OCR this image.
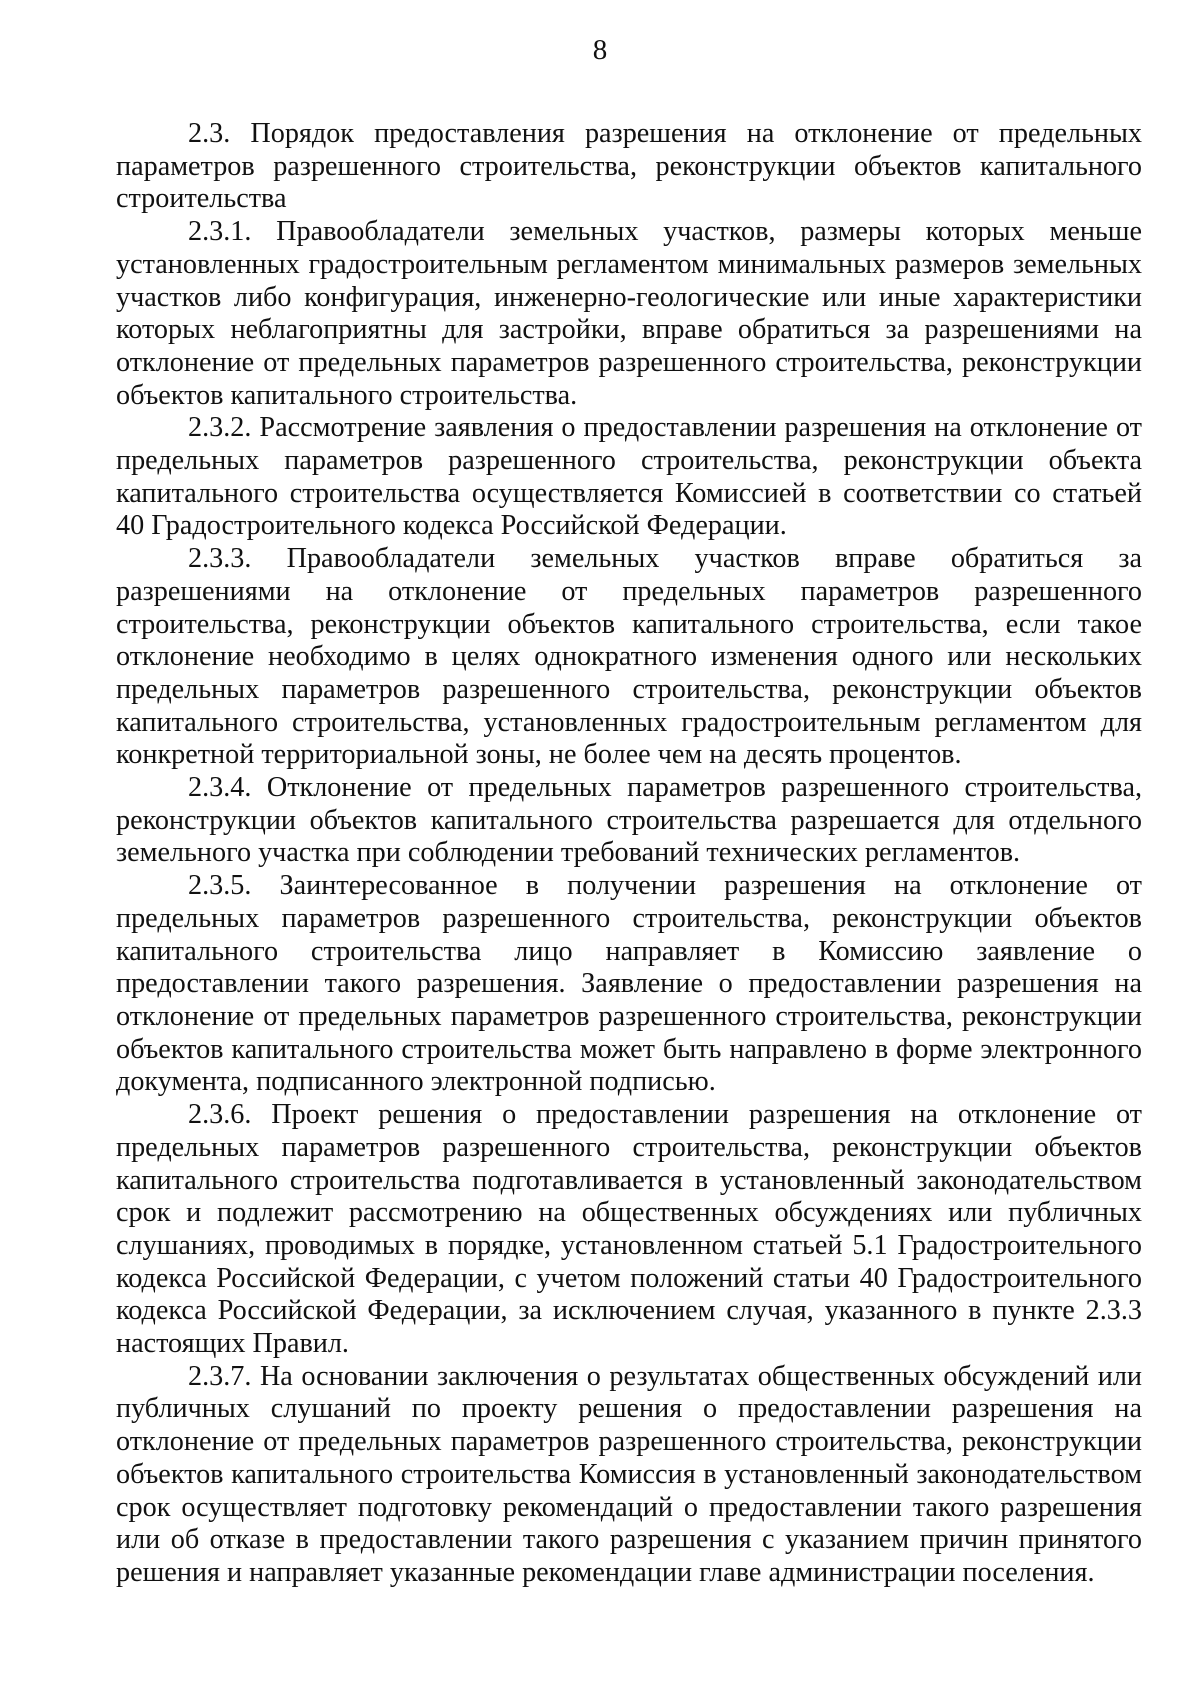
8

2.3. Порядок предоставления разрешения на отклонение от предельных параметров разрешенного строительства, реконструкции объектов капитального строительства

2.3.1. Правообладатели земельных участков, размеры которых меньше установленных градостроительным регламентом минимальных размеров земельных участков либо конфигурация, инженерно-геологические или иные характеристики которых неблагоприятны для застройки, вправе обратиться за разрешениями на отклонение от предельных параметров разрешенного строительства, реконструкции объектов капитального строительства.

2.3.2. Рассмотрение заявления о предоставлении разрешения на отклонение от предельных параметров разрешенного строительства, реконструкции объекта капитального строительства осуществляется Комиссией в соответствии со статьей 40 Градостроительного кодекса Российской Федерации.

2.3.3. Правообладатели земельных участков вправе обратиться за разрешениями на отклонение от предельных параметров разрешенного строительства, реконструкции объектов капитального строительства, если такое отклонение необходимо в целях однократного изменения одного или нескольких предельных параметров разрешенного строительства, реконструкции объектов капитального строительства, установленных градостроительным регламентом для конкретной территориальной зоны, не более чем на десять процентов.

2.3.4. Отклонение от предельных параметров разрешенного строительства, реконструкции объектов капитального строительства разрешается для отдельного земельного участка при соблюдении требований технических регламентов.

2.3.5. Заинтересованное в получении разрешения на отклонение от предельных параметров разрешенного строительства, реконструкции объектов капитального строительства лицо направляет в Комиссию заявление о предоставлении такого разрешения. Заявление о предоставлении разрешения на отклонение от предельных параметров разрешенного строительства, реконструкции объектов капитального строительства может быть направлено в форме электронного документа, подписанного электронной подписью.

2.3.6. Проект решения о предоставлении разрешения на отклонение от предельных параметров разрешенного строительства, реконструкции объектов капитального строительства подготавливается в установленный законодательством срок и подлежит рассмотрению на общественных обсуждениях или публичных слушаниях, проводимых в порядке, установленном статьей 5.1 Градостроительного кодекса Российской Федерации, с учетом положений статьи 40 Градостроительного кодекса Российской Федерации, за исключением случая, указанного в пункте 2.3.3 настоящих Правил.

2.3.7. На основании заключения о результатах общественных обсуждений или публичных слушаний по проекту решения о предоставлении разрешения на отклонение от предельных параметров разрешенного строительства, реконструкции объектов капитального строительства Комиссия в установленный законодательством срок осуществляет подготовку рекомендаций о предоставлении такого разрешения или об отказе в предоставлении такого разрешения с указанием причин принятого решения и направляет указанные рекомендации главе администрации поселения.
